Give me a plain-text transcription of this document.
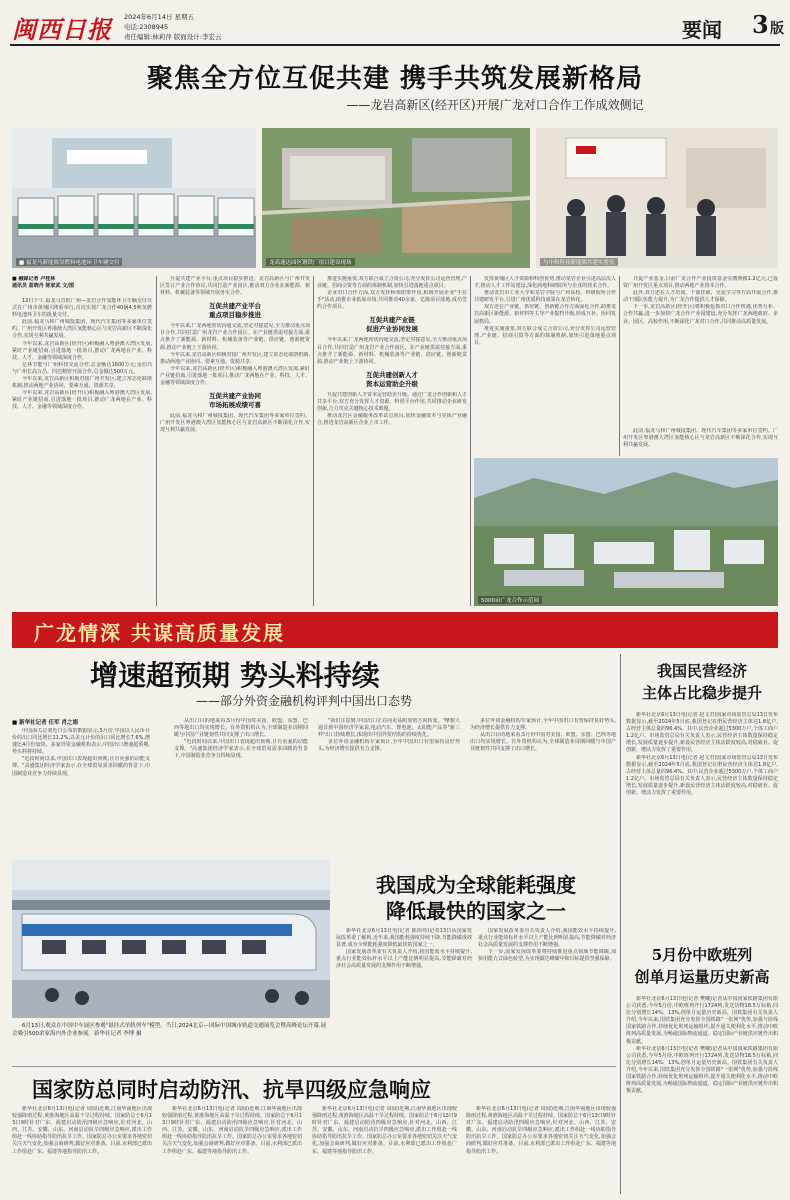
闽西日报 2024年6月14日 星期五
电话:2308945
责任编辑:林莉萍 版面设计:李宏云	要闻 3 版
聚焦全方位互促共建 携手共筑发展新格局
——龙岩高新区(经开区)开展广龙对口合作工作成效侧记
■ 福龙马新能源氢燃料电池环卫车辆交付	龙高速达园区钢铁厂项目建设现场	与中和科技新能源共建实验室
■ 融媒记者 卢桂林
通讯员 蓝晓丹 陈家武 文/图

12日下午,福龙马首批广州—龙岩合作氢能环卫车辆交付仪式在广州市黄埔区隆重举行,首次实现广龙合作40辆4.5吨氢燃料电池环卫车的批量交付。

此前,福龙马和广州城投集团、现代汽车集团等多家单位签约。广州开发区粤港澳大湾区氢能核心区与龙岩高新区不断深化合作,实现互利共赢发展。

今年以来,龙岩高新区(经开区)积极融入粤港澳大湾区发展,紧盯产业链招商,引进落地一批项目,推动广龙两地在产业、科技、人才、金融等领域深度合作。

亿林节能与广州科技交流合作,总金额达1600万元;金伯兴与广州长高万昌、四达精密开展合作,总金额达500万元。

今年以来,龙岩高新区积极对接广州开发区,建立常态化联络机制,推动两地产业协同、要素互通、资源共享。

今年以来,龙岩高新区(经开区)积极融入粤港澳大湾区发展,紧盯产业链招商,引进落地一批项目,推动广龙两地在产业、科技、人才、金融等领域深度合作。

互促共建产业平台,重点项目稳步推进。龙岩高新区与广州开发区签订产业合作协议,共同打造产业园区,推动双方企业在新能源、新材料、机械装备等领域开展务实合作。

互促共建产业平台
重点项目稳步推进

今年以来,广龙两地密切沟通交流,坚定对接意见,全力推动重点项目合作,共同打造广州龙岩产业合作园区。在产业链供需对接方面,重点推介了新能源、新材料、机械装备等产业链、供应链、创新链资源,推动产业链上下游协同。

今年以来,龙岩高新区积极对接广州开发区,建立常态化联络机制,推动两地产业协同、要素互通、资源共享。

今年以来,龙岩高新区(经开区)积极融入粤港澳大湾区发展,紧盯产业链招商,引进落地一批项目,推动广龙两地在产业、科技、人才、金融等领域深度合作。

互促共建产业协同
市场拓展成绩可喜

此前,福龙马和广州城投集团、现代汽车集团等多家单位签约。广州开发区粤港澳大湾区氢能核心区与龙岩高新区不断深化合作,实现互利共赢发展。

推进实施重要,双方联合成立合资公司,充分发挥公司运营管理,产业链、招商引资等方面的体制机制,加快引进落地重点项目。

企业对口合作方面,双方发挥桥梁纽带作用,积极开展企业"手拉手"活动,助推企业拓展市场,共同推动40余家、亿级项目落地,成功签约合作项目。

互促共建产业链
促进产业协同发展

今年以来,广龙两地密切沟通交流,坚定对接意见,全力推动重点项目合作,共同打造广州龙岩产业合作园区。在产业链供需对接方面,重点推介了新能源、新材料、机械装备等产业链、供应链、创新链资源,推动产业链上下游协同。

互促共建创新人才
资本运营助企升级

互促共建创新人才资本运营助企升级。通过广龙合作创新和人才共享平台,双方充分发挥人才资源、科创平台作用,共同推动企业研发创新,合力攻克关键核心技术难题。

推动龙岩区金融服务改革试点项目,加快金融资本与实体产业融合,推进龙岩高新区企业上市工作。

发挥黄埔区人才资源和科创优势,推动龙岩企业引进高层次人才,推动人才工作站建设,深化两地科研院所与企业的技术合作。

推动龙岩市工业大学和龙岩学院与广州高校、科研院所合作共建研发平台,引进广州优质科技成果在龙岩转化。

双方还在产业链、供应链、创新链合作方面深化合作,助推龙岩高新区新能源、新材料等主导产业提档升级,形成互补、协同发展格局。

推进实施重要,双方联合成立合资公司,充分发挥公司运营管理,产业链、招商引资等方面的体制机制,加快引进落地重点项目。

共促产业基金,目前广龙合作产业投资基金实缴规模1.2亿元,已投资广州开发区重点项目,推动两地产业资本合作。

此外,双方还在人才培训、干部挂职、交流学习等方面开展合作,推动干部队伍能力提升,为广龙合作提供人才保障。

下一步,龙岩高新区(经开区)将积极抢抓对口合作机遇,优势互补、合作共赢,进一步加快广龙合作产业园建设,充分发挥广龙两地政府、企业、园区、高校作用,不断深化广龙对口合作,共同推动高质量发展。

5000亩广龙合作示范园

此前,福龙马和广州城投集团、现代汽车集团等多家单位签约。广州开发区粤港澳大湾区氢能核心区与龙岩高新区不断深化合作,实现互利共赢发展。

广龙情深 共谋高质量发展
增速超预期 势头料持续
——部分外资金融机构评判中国出口态势
■ 新华社记者 任军 肖之娟

中国海关总署近日公布的数据显示,5月份,中国以人民币计价的出口同比增长11.2%,以美元计价的出口同比增长7.6%,增速比4月份加快。多家外资金融机构表示,中国出口增速超预期,势头料将持续。

"近段时间以来,中国出口表现超出预期,且有更强的动能支撑。"高盛集团经济学家表示,在全球贸易需求回暖的背景下,中国制造业竞争力持续显现。

从出口目的地来看,5月份中国对美国、欧盟、东盟、巴西等地出口均实现增长。有外资机构认为,全球制造业周期回暖与中国产业链韧性共同支撑了出口增长。

"近段时间以来,中国出口表现超出预期,且有更强的动能支撑。"高盛集团经济学家表示,在全球贸易需求回暖的背景下,中国制造业竞争力持续显现。

"我们注意到,中国出口正在向更高附加值方向转变。"摩根大通首席中国经济学家说,电动汽车、锂电池、太阳能产品等"新三样"出口持续增长,体现出中国外贸结构的持续优化。

多位外资金融机构专家预计,全年中国出口有望保持良好势头,为经济增长提供有力支撑。

多位外资金融机构专家预计,全年中国出口有望保持良好势头,为经济增长提供有力支撑。

从出口目的地来看,5月份中国对美国、欧盟、东盟、巴西等地出口均实现增长。有外资机构认为,全球制造业周期回暖与中国产业链韧性共同支撑了出口增长。

6月13日,观众在中国中车展区参观"悬挂式单轨列车"模型。当日,2024北京—国际中国城市轨道交通展览会暨高峰论坛开幕,展会吸引500余家海内外企业参展。新华社记者 李博 摄
我国成为全球能耗强度
降低最快的国家之一

新华社北京6月13日电(记者 陈炜伟)记者13日从国家发展改革委了解到,近年来,我国能耗强度持续下降,节能降碳成效显著,成为全球能耗强度降低最快的国家之一。

国家发展改革委有关负责人介绍,我国能效水平持续提升,重点行业能效标杆水平以上产能比例明显提高,节能降碳对经济社会高质量发展的支撑作用不断增强。

国家发展改革委有关负责人介绍,我国能效水平持续提升,重点行业能效标杆水平以上产能比例明显提高,节能降碳对经济社会高质量发展的支撑作用不断增强。

下一步,国家发展改革委将持续推进重点领域节能降碳,加快用能方式绿色转型,为实现碳达峰碳中和目标提供坚强保障。

国家防总同时启动防汛、抗旱四级应急响应

新华社北京6月13日电(记者 周圆)近期,江南华南地区出现较强降雨过程,黄淮海地区高温干旱过程持续。国家防总于6月13日9时针对广东、福建启动防汛四级应急响应,针对河北、山西、江苏、安徽、山东、河南启动抗旱四级应急响应,派出工作组赴一线协助指导防汛抗旱工作。国家防总办公室要求各地密切关注天气变化,加强会商研判,做好应对准备。目前,水利部已派出工作组赴广东、福建等地指导防汛工作。

新华社北京6月13日电(记者 周圆)近期,江南华南地区出现较强降雨过程,黄淮海地区高温干旱过程持续。国家防总于6月13日9时针对广东、福建启动防汛四级应急响应,针对河北、山西、江苏、安徽、山东、河南启动抗旱四级应急响应,派出工作组赴一线协助指导防汛抗旱工作。国家防总办公室要求各地密切关注天气变化,加强会商研判,做好应对准备。目前,水利部已派出工作组赴广东、福建等地指导防汛工作。

新华社北京6月13日电(记者 周圆)近期,江南华南地区出现较强降雨过程,黄淮海地区高温干旱过程持续。国家防总于6月13日9时针对广东、福建启动防汛四级应急响应,针对河北、山西、江苏、安徽、山东、河南启动抗旱四级应急响应,派出工作组赴一线协助指导防汛抗旱工作。国家防总办公室要求各地密切关注天气变化,加强会商研判,做好应对准备。目前,水利部已派出工作组赴广东、福建等地指导防汛工作。

新华社北京6月13日电(记者 周圆)近期,江南华南地区出现较强降雨过程,黄淮海地区高温干旱过程持续。国家防总于6月13日9时针对广东、福建启动防汛四级应急响应,针对河北、山西、江苏、安徽、山东、河南启动抗旱四级应急响应,派出工作组赴一线协助指导防汛抗旱工作。国家防总办公室要求各地密切关注天气变化,加强会商研判,做好应对准备。目前,水利部已派出工作组赴广东、福建等地指导防汛工作。

我国民营经济
主体占比稳步提升

新华社北京6月13日电(记者 赵文君)国家市场监管总局13日发布数据显示,截至2024年5月底,我国登记在册民营经济主体达1.8亿户,占经营主体总量的96.4%。其中,民营企业超过5300万户,个体工商户1.2亿户。市场监管总局有关负责人表示,民营经济主体数量保持稳定增长,发展质量逐步提升,新设民营经济主体活跃度较高,对稳就业、促创新、增活力发挥了重要作用。

新华社北京6月13日电(记者 赵文君)国家市场监管总局13日发布数据显示,截至2024年5月底,我国登记在册民营经济主体达1.8亿户,占经营主体总量的96.4%。其中,民营企业超过5300万户,个体工商户1.2亿户。市场监管总局有关负责人表示,民营经济主体数量保持稳定增长,发展质量逐步提升,新设民营经济主体活跃度较高,对稳就业、促创新、增活力发挥了重要作用。

5月份中欧班列
创单月运量历史新高

新华社北京6月13日电(记者 樊曦)记者从中国国家铁路集团有限公司获悉,今年5月份,中欧班列开行1724列,发送货物18.5万标箱,同比分别增长14%、13%,创单月运量历史新高。国铁集团有关负责人介绍,今年以来,国铁集团充分发挥全国铁路"一张网"优势,加强与沿线国家铁路合作,持续优化班列运输组织,提升通关便利化水平,推动中欧班列高质量发展,为畅通国际物流通道、稳定国际产业链供应链作出积极贡献。

新华社北京6月13日电(记者 樊曦)记者从中国国家铁路集团有限公司获悉,今年5月份,中欧班列开行1724列,发送货物18.5万标箱,同比分别增长14%、13%,创单月运量历史新高。国铁集团有关负责人介绍,今年以来,国铁集团充分发挥全国铁路"一张网"优势,加强与沿线国家铁路合作,持续优化班列运输组织,提升通关便利化水平,推动中欧班列高质量发展,为畅通国际物流通道、稳定国际产业链供应链作出积极贡献。
